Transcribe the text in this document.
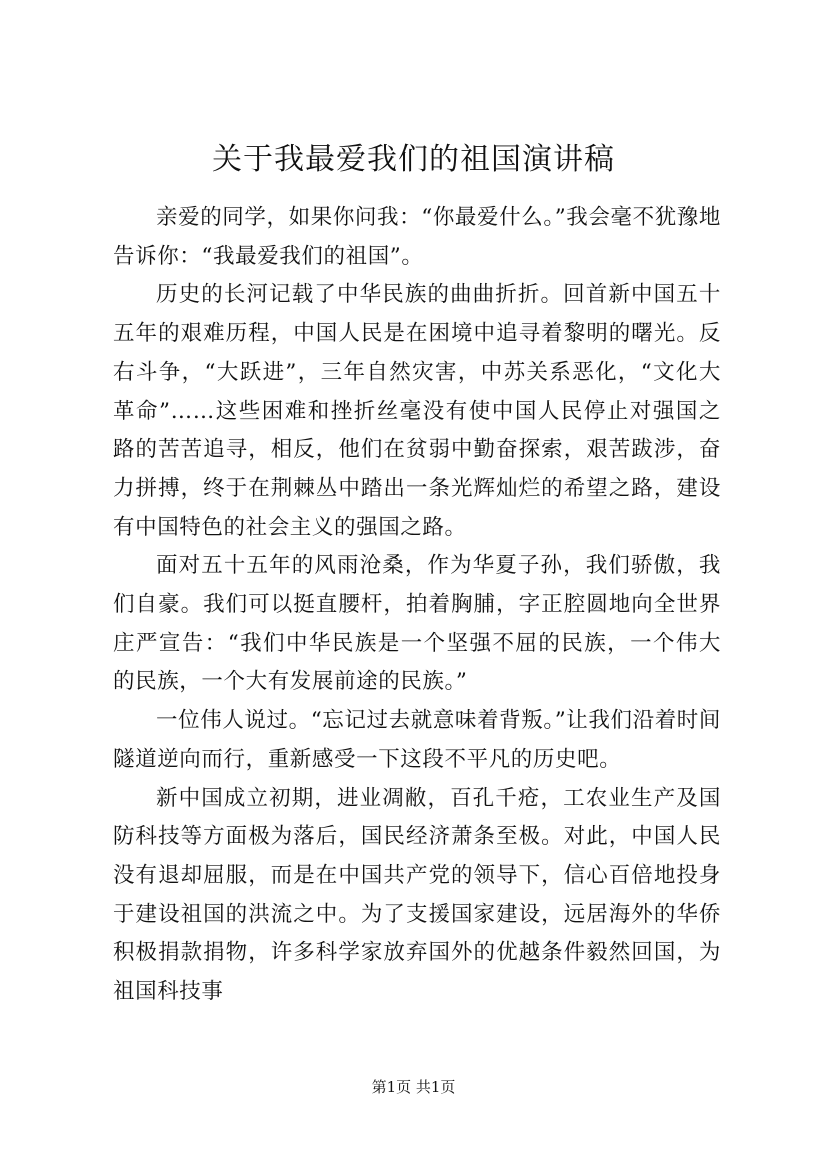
关于我最爱我们的祖国演讲稿

亲爱的同学，如果你问我：“你最爱什么。”我会毫不犹豫地告诉你：“我最爱我们的祖国”。

历史的长河记载了中华民族的曲曲折折。回首新中国五十五年的艰难历程，中国人民是在困境中追寻着黎明的曙光。反右斗争，“大跃进”，三年自然灾害，中苏关系恶化，“文化大革命”……这些困难和挫折丝毫没有使中国人民停止对强国之路的苦苦追寻，相反，他们在贫弱中勤奋探索，艰苦跋涉，奋力拼搏，终于在荆棘丛中踏出一条光辉灿烂的希望之路，建设有中国特色的社会主义的强国之路。

面对五十五年的风雨沧桑，作为华夏子孙，我们骄傲，我们自豪。我们可以挺直腰杆，拍着胸脯，字正腔圆地向全世界庄严宣告：“我们中华民族是一个坚强不屈的民族，一个伟大的民族，一个大有发展前途的民族。”

一位伟人说过。“忘记过去就意味着背叛。”让我们沿着时间隧道逆向而行，重新感受一下这段不平凡的历史吧。

新中国成立初期，进业凋敝，百孔千疮，工农业生产及国防科技等方面极为落后，国民经济萧条至极。对此，中国人民没有退却屈服，而是在中国共产党的领导下，信心百倍地投身于建设祖国的洪流之中。为了支援国家建设，远居海外的华侨积极捐款捐物，许多科学家放弃国外的优越条件毅然回国，为祖国科技事

第1页 共1页
